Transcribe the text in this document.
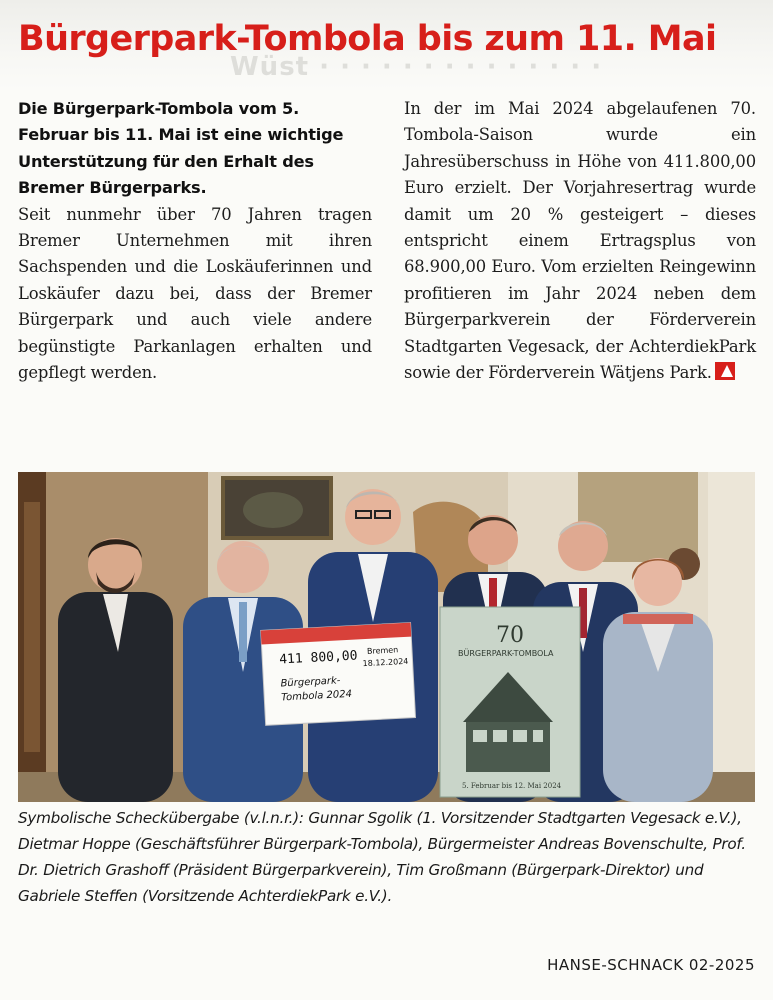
Wüst · · · · · · · · · · · · · ·
Bürgerpark-Tombola bis zum 11. Mai

Die Bürgerpark-Tombola vom 5. Februar bis 11. Mai ist eine wichtige Unterstützung für den Erhalt des Bremer Bürgerparks.

Seit nunmehr über 70 Jahren tragen Bremer Unternehmen mit ihren Sachspenden und die Loskäuferinnen und Loskäufer dazu bei, dass der Bremer Bürgerpark und auch viele andere begünstigte Parkanlagen erhalten und gepflegt werden.

In der im Mai 2024 abgelaufenen 70. Tombola-Saison wurde ein Jahresüberschuss in Höhe von 411.800,00 Euro erzielt. Der Vorjahresertrag wurde damit um 20 % gesteigert – dieses entspricht einem Ertragsplus von 68.900,00 Euro. Vom erzielten Reingewinn profitieren im Jahr 2024 neben dem Bürgerparkverein der Förderverein Stadtgarten Vegesack, der AchterdiekPark sowie der Förderverein Wätjens Park.

411 800,00 Bremen
18.12.2024
Bürgerpark-
Tombola 2024
70
BÜRGERPARK-TOMBOLA
5. Februar bis 12. Mai 2024

Symbolische Scheckübergabe (v.l.n.r.): Gunnar Sgolik (1. Vorsitzender Stadtgarten Vegesack e.V.), Dietmar Hoppe (Geschäftsführer Bürgerpark-Tombola), Bürgermeister Andreas Bovenschulte, Prof. Dr. Dietrich Grashoff (Präsident Bürgerparkverein), Tim Großmann (Bürgerpark-Direktor) und Gabriele Steffen (Vorsitzende AchterdiekPark e.V.).

HANSE-SCHNACK 02-2025
